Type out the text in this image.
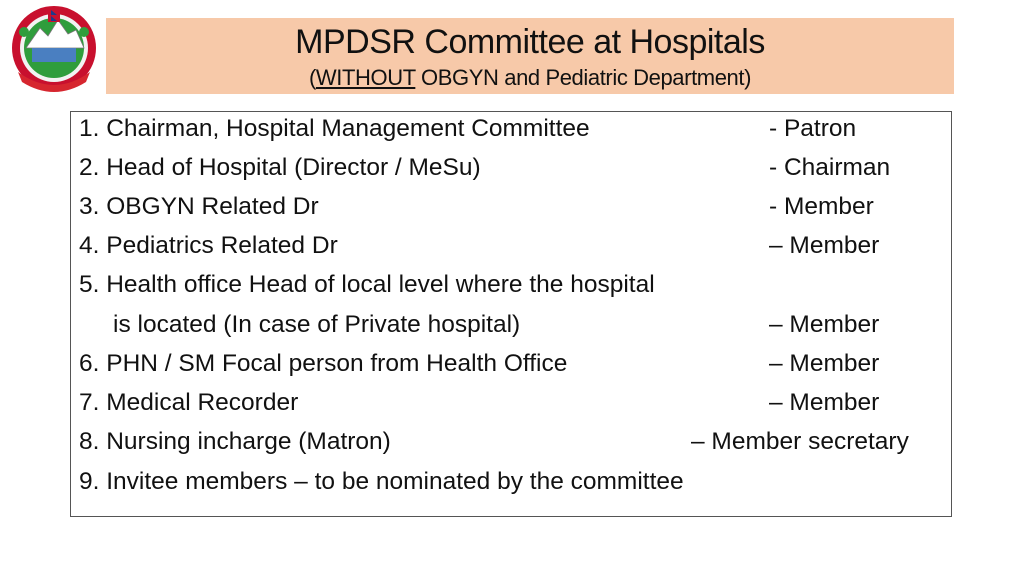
MPDSR Committee at Hospitals
(WITHOUT OBGYN and Pediatric Department)
1. Chairman, Hospital Management Committee	- Patron
2. Head of Hospital (Director / MeSu)	- Chairman
3. OBGYN Related Dr	- Member
4. Pediatrics Related Dr	– Member
5. Health office Head of local level where the hospital
is located (In case of Private hospital)	– Member
6. PHN / SM Focal person from Health Office	– Member
7. Medical Recorder	– Member
8. Nursing incharge (Matron)	– Member secretary
9. Invitee members – to be nominated by the committee
